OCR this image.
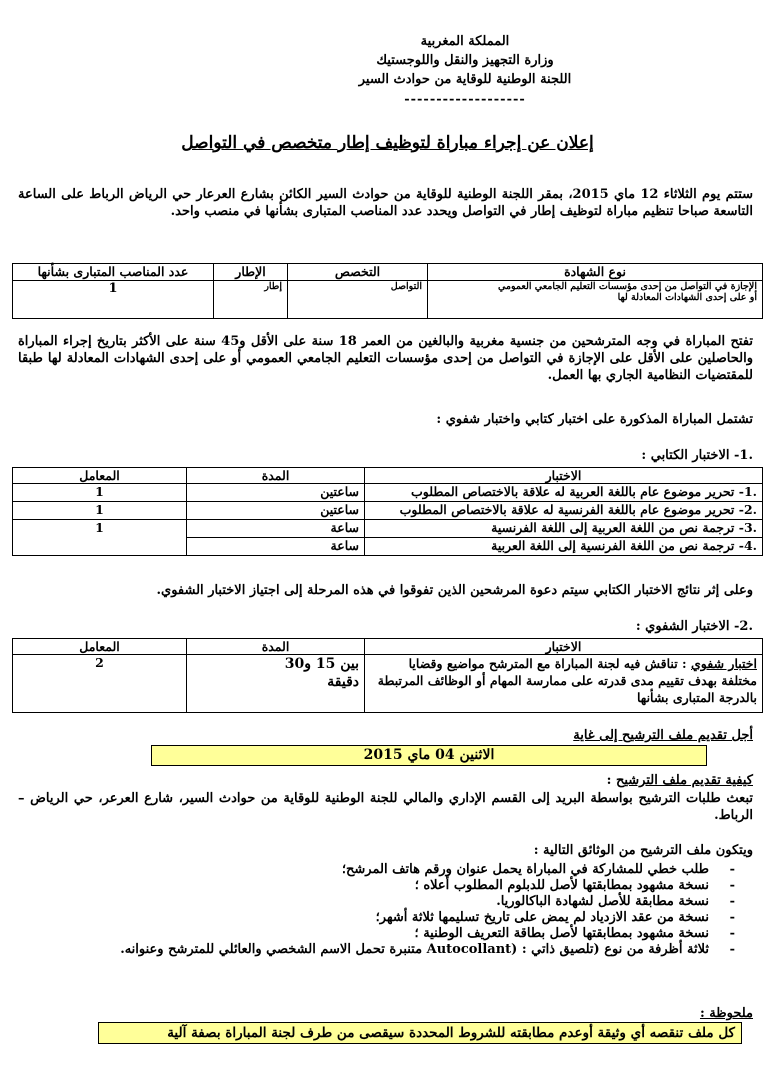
المملكة المغربية
وزارة التجهيز والنقل واللوجستيك
اللجنة الوطنية للوقاية من حوادث السير
-------------------
إعلان عن إجراء مباراة لتوظيف إطار متخصص في التواصل
ستتم يوم الثلاثاء 12 ماي 2015، بمقر اللجنة الوطنية للوقاية من حوادث السير الكائن بشارع العرعار حي الرياض الرباط على الساعة التاسعة صباحا تنظيم مباراة لتوظيف إطار في التواصل ويحدد عدد المناصب المتبارى بشأنها في منصب واحد.
نوع الشهادة	التخصص	الإطار	عدد المناصب المتبارى بشأنها

الإجازة في التواصل من إحدى مؤسسات التعليم الجامعي العمومي
أو على إحدى الشهادات المعادلة لها	التواصل	إطار	1
تفتح المباراة في وجه المترشحين من جنسية مغربية والبالغين من العمر 18 سنة على الأقل و45 سنة على الأكثر بتاريخ إجراء المباراة والحاصلين على الأقل على الإجازة في التواصل من إحدى مؤسسات التعليم الجامعي العمومي أو على إحدى الشهادات المعادلة لها طبقا للمقتضيات النظامية الجاري بها العمل.
تشتمل المباراة المذكورة على اختبار كتابي واختبار شفوي :
.1- الاختبار الكتابي :
الاختبار	المدة	المعامل
.1- تحرير موضوع عام باللغة العربية له علاقة بالاختصاص المطلوب	ساعتين	1
.2- تحرير موضوع عام باللغة الفرنسية له علاقة بالاختصاص المطلوب	ساعتين	1
.3- ترجمة نص من اللغة العربية إلى اللغة الفرنسية	ساعة	1
.4- ترجمة نص من اللغة الفرنسية إلى اللغة العربية	ساعة	
وعلى إثر نتائج الاختبار الكتابي سيتم دعوة المرشحين الذين تفوقوا في هذه المرحلة إلى اجتياز الاختبار الشفوي.
.2- الاختبار الشفوي :
الاختبار	المدة	المعامل
اختبار شفوي : تناقش فيه لجنة المباراة مع المترشح مواضيع وقضايا مختلفة بهدف تقييم مدى قدرته على ممارسة المهام أو الوظائف المرتبطة بالدرجة المتبارى بشأنها	بين 15 و30
دقيقة	2
أجل تقديم ملف الترشيح إلى غاية
الاثنين 04 ماي 2015
كيفية تقديم ملف الترشيح :
تبعث طلبات الترشيح بواسطة البريد إلى القسم الإداري والمالي للجنة الوطنية للوقاية من حوادث السير، شارع العرعر، حي الرياض – الرباط.
ويتكون ملف الترشيح من الوثائق التالية :
- طلب خطي للمشاركة في المباراة يحمل عنوان ورقم هاتف المرشح؛
- نسخة مشهود بمطابقتها لأصل للدبلوم المطلوب أعلاه ؛
- نسخة مطابقة للأصل لشهادة الباكالوريا.
- نسخة من عقد الازدياد لم يمض على تاريخ تسليمها ثلاثة أشهر؛
- نسخة مشهود بمطابقتها لأصل بطاقة التعريف الوطنية ؛
- ثلاثة أظرفة من نوع (تلصيق ذاتي : (Autocollant متنبرة تحمل الاسم الشخصي والعائلي للمترشح وعنوانه.
ملحوظة :
كل ملف تنقصه أي وثيقة أوعدم مطابقته للشروط المحددة سيقصى من طرف لجنة المباراة بصفة آلية
